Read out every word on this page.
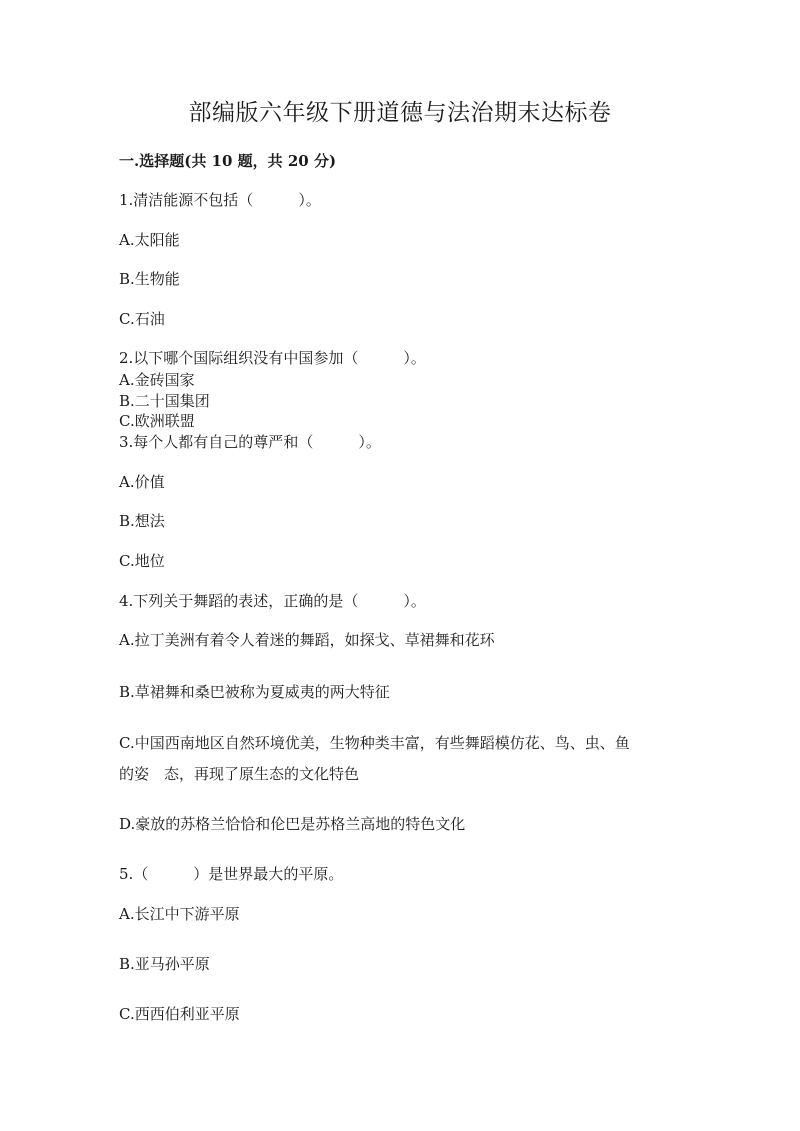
部编版六年级下册道德与法治期末达标卷

一.选择题(共 10 题，共 20 分)

1.清洁能源不包括（　　　）。

A.太阳能

B.生物能

C.石油

2.以下哪个国际组织没有中国参加（　　　）。

A.金砖国家

B.二十国集团

C.欧洲联盟

3.每个人都有自己的尊严和（　　　）。

A.价值

B.想法

C.地位

4.下列关于舞蹈的表述，正确的是（　　　）。

A.拉丁美洲有着令人着迷的舞蹈，如探戈、草裙舞和花环

B.草裙舞和桑巴被称为夏威夷的两大特征

C.中国西南地区自然环境优美，生物种类丰富，有些舞蹈模仿花、鸟、虫、鱼

的姿　态，再现了原生态的文化特色

D.豪放的苏格兰恰恰和伦巴是苏格兰高地的特色文化

5.（　　　）是世界最大的平原。

A.长江中下游平原

B.亚马孙平原

C.西西伯利亚平原
